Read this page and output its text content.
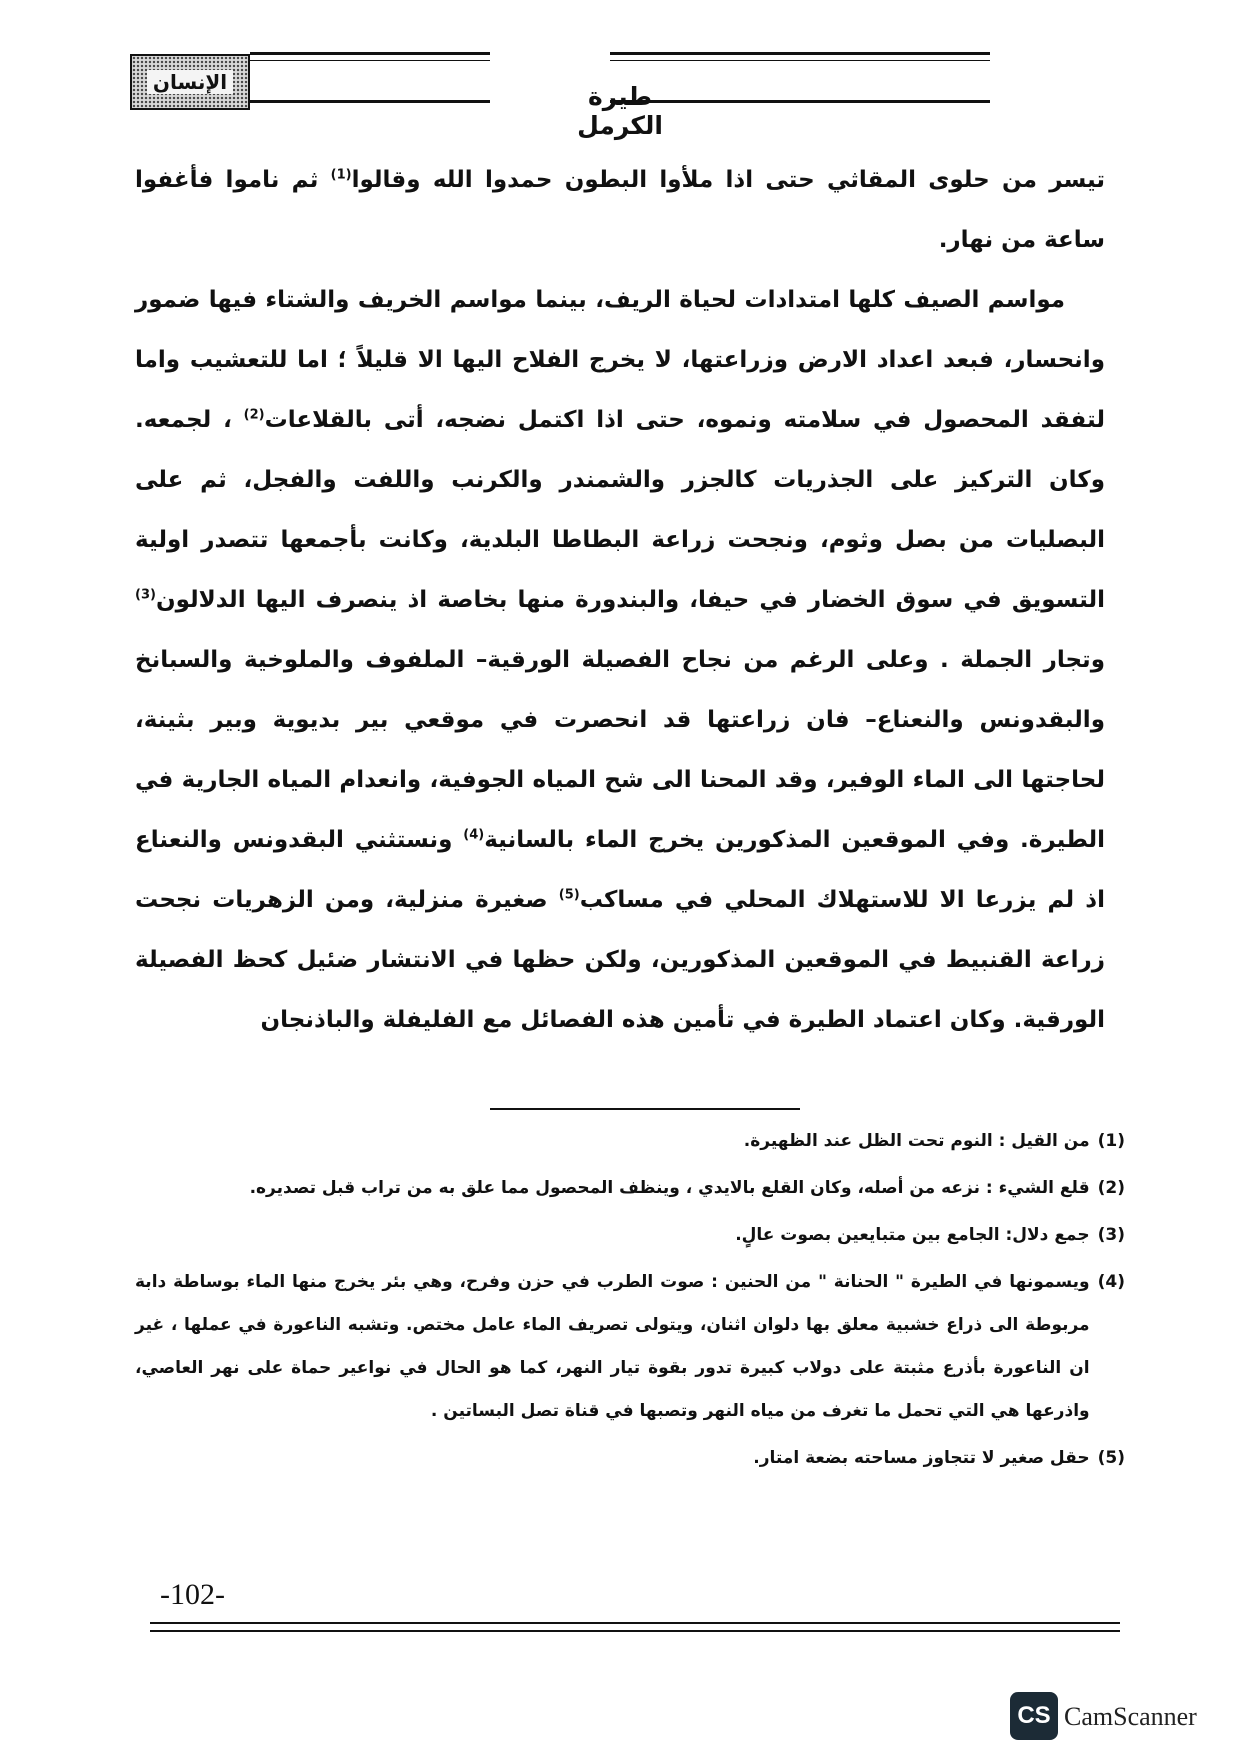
طيرة الكرمل
الإنسان

تيسر من حلوى المقاثي حتى اذا ملأوا البطون حمدوا الله وقالوا$^{(1)}$ ثم ناموا فأغفوا ساعة من نهار.

مواسم الصيف كلها امتدادات لحياة الريف، بينما مواسم الخريف والشتاء فيها ضمور وانحسار، فبعد اعداد الارض وزراعتها، لا يخرج الفلاح اليها الا قليلاً ؛ اما للتعشيب واما لتفقد المحصول في سلامته ونموه، حتى اذا اكتمل نضجه، أتى بالقلاعات$^{(2)}$ ، لجمعه. وكان التركيز على الجذريات كالجزر والشمندر والكرنب واللفت والفجل، ثم على البصليات من بصل وثوم، ونجحت زراعة البطاطا البلدية، وكانت بأجمعها تتصدر اولية التسويق في سوق الخضار في حيفا، والبندورة منها بخاصة اذ ينصرف اليها الدلالون$^{(3)}$ وتجار الجملة . وعلى الرغم من نجاح الفصيلة الورقية– الملفوف والملوخية والسبانخ والبقدونس والنعناع– فان زراعتها قد انحصرت في موقعي بير بديوية وبير بثينة، لحاجتها الى الماء الوفير، وقد المحنا الى شح المياه الجوفية، وانعدام المياه الجارية في الطيرة. وفي الموقعين المذكورين يخرج الماء بالسانية$^{(4)}$ ونستثني البقدونس والنعناع اذ لم يزرعا الا للاستهلاك المحلي في مساكب$^{(5)}$ صغيرة منزلية، ومن الزهريات نجحت زراعة القنبيط في الموقعين المذكورين، ولكن حظها في الانتشار ضئيل كحظ الفصيلة الورقية. وكان اعتماد الطيرة في تأمين هذه الفصائل مع الفليفلة والباذنجان

(1)
من القيل : النوم تحت الظل عند الظهيرة.
(2)
قلع الشيء : نزعه من أصله، وكان القلع بالايدي ، وينظف المحصول مما علق به من تراب قبل تصديره.
(3)
جمع دلال: الجامع بين متبايعين بصوت عالٍ.
(4)
ويسمونها في الطيرة " الحنانة " من الحنين : صوت الطرب في حزن وفرح، وهي بئر يخرج منها الماء بوساطة دابة مربوطة الى ذراع خشبية معلق بها دلوان اثنان، ويتولى تصريف الماء عامل مختص. وتشبه الناعورة في عملها ، غير ان الناعورة بأذرع مثبتة على دولاب كبيرة تدور بقوة تيار النهر، كما هو الحال في نواعير حماة على نهر العاصي، واذرعها هي التي تحمل ما تغرف من مياه النهر وتصبها في قناة تصل البساتين .
(5)
حقل صغير لا تتجاوز مساحته بضعة امتار.
-102-
CS CamScanner
